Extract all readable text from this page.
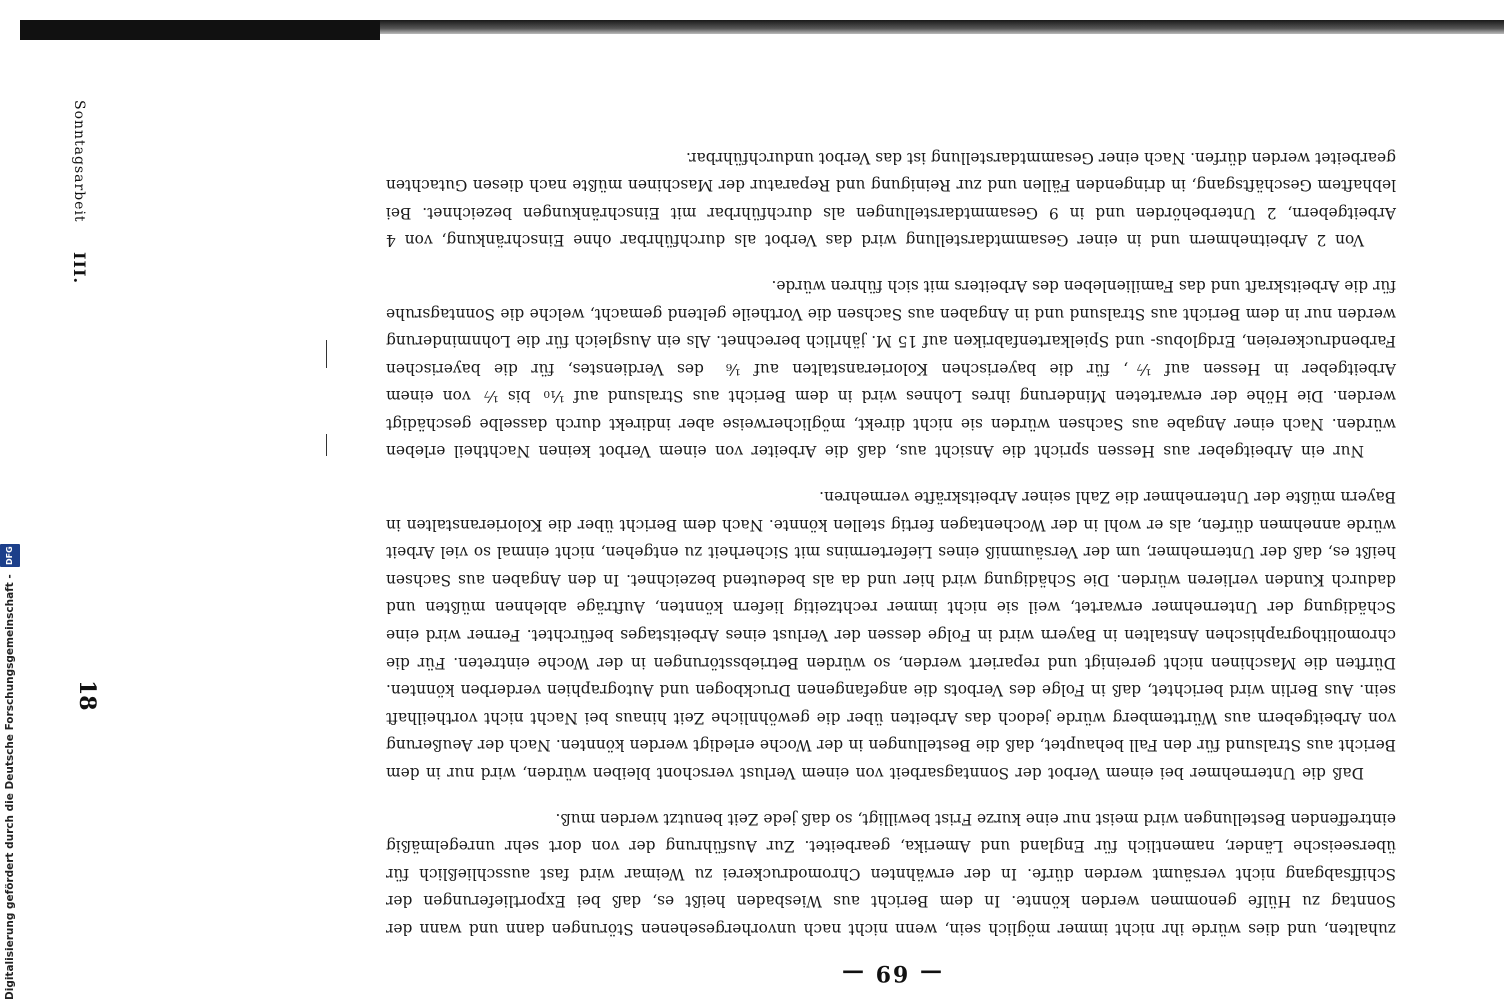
— 69 —

zuhalten, und dies würde ihr nicht immer möglich sein, wenn nicht nach unvorhergesehenen Störungen dann und wann der Sonntag zu Hülfe genommen werden könnte. In dem Bericht aus Wiesbaden heißt es, daß bei Exportlieferungen der Schiffsabgang nicht versäumt werden dürfe. In der erwähnten Chromodruckerei zu Weimar wird fast ausschließlich für überseeische Länder, namentlich für England und Amerika, gearbeitet. Zur Ausführung der von dort sehr unregelmäßig eintreffenden Bestellungen wird meist nur eine kurze Frist bewilligt, so daß jede Zeit benutzt werden muß.

Daß die Unternehmer bei einem Verbot der Sonntagsarbeit von einem Verlust verschont bleiben würden, wird nur in dem Bericht aus Stralsund für den Fall behauptet, daß die Bestellungen in der Woche erledigt werden könnten. Nach der Aeußerung von Arbeitgebern aus Württemberg würde jedoch das Arbeiten über die gewöhnliche Zeit hinaus bei Nacht nicht vortheilhaft sein. Aus Berlin wird berichtet, daß in Folge des Verbots die angefangenen Druckbogen und Autographien verderben könnten. Dürften die Maschinen nicht gereinigt und repariert werden, so würden Betriebsstörungen in der Woche eintreten. Für die chromolithographischen Anstalten in Bayern wird in Folge dessen der Verlust eines Arbeitstages befürchtet. Ferner wird eine Schädigung der Unternehmer erwartet, weil sie nicht immer rechtzeitig liefern könnten, Aufträge ablehnen müßten und dadurch Kunden verlieren würden. Die Schädigung wird hier und da als bedeutend bezeichnet. In den Angaben aus Sachsen heißt es, daß der Unternehmer, um der Versäumniß eines Liefertermins mit Sicherheit zu entgehen, nicht einmal so viel Arbeit würde annehmen dürfen, als er wohl in der Wochentagen fertig stellen könnte. Nach dem Bericht über die Kolorieranstalten in Bayern müßte der Unternehmer die Zahl seiner Arbeitskräfte vermehren.

Nur ein Arbeitgeber aus Hessen spricht die Ansicht aus, daß die Arbeiter von einem Verbot keinen Nachtheil erleben würden. Nach einer Angabe aus Sachsen würden sie nicht direkt, möglicherweise aber indirekt durch dasselbe geschädigt werden. Die Höhe der erwarteten Minderung ihres Lohnes wird in dem Bericht aus Stralsund auf ⅒ bis ⅐ von einem Arbeitgeber in Hessen auf ⅐, für die bayerischen Kolorieranstalten auf ⅙ des Verdienstes, für die bayerischen Farbendruckereien, Erdglobus- und Spielkartenfabriken auf 15 M. jährlich berechnet. Als ein Ausgleich für die Lohnminderung werden nur in dem Bericht aus Stralsund und in Angaben aus Sachsen die Vortheile geltend gemacht, welche die Sonntagsruhe für die Arbeitskraft und das Familienleben des Arbeiters mit sich führen würde.

Von 2 Arbeitnehmern und in einer Gesammtdarstellung wird das Verbot als durchführbar ohne Einschränkung, von 4 Arbeitgebern, 2 Unterbehörden und in 9 Gesammtdarstellungen als durchführbar mit Einschränkungen bezeichnet. Bei lebhaftem Geschäftsgang, in dringenden Fällen und zur Reinigung und Reparatur der Maschinen müßte nach diesen Gutachten gearbeitet werden dürfen. Nach einer Gesammtdarstellung ist das Verbot undurchführbar.

Sonntagsarbeit III.
18
Digitalisierung gefördert durch die Deutsche Forschungsgemeinschaft - DFG
